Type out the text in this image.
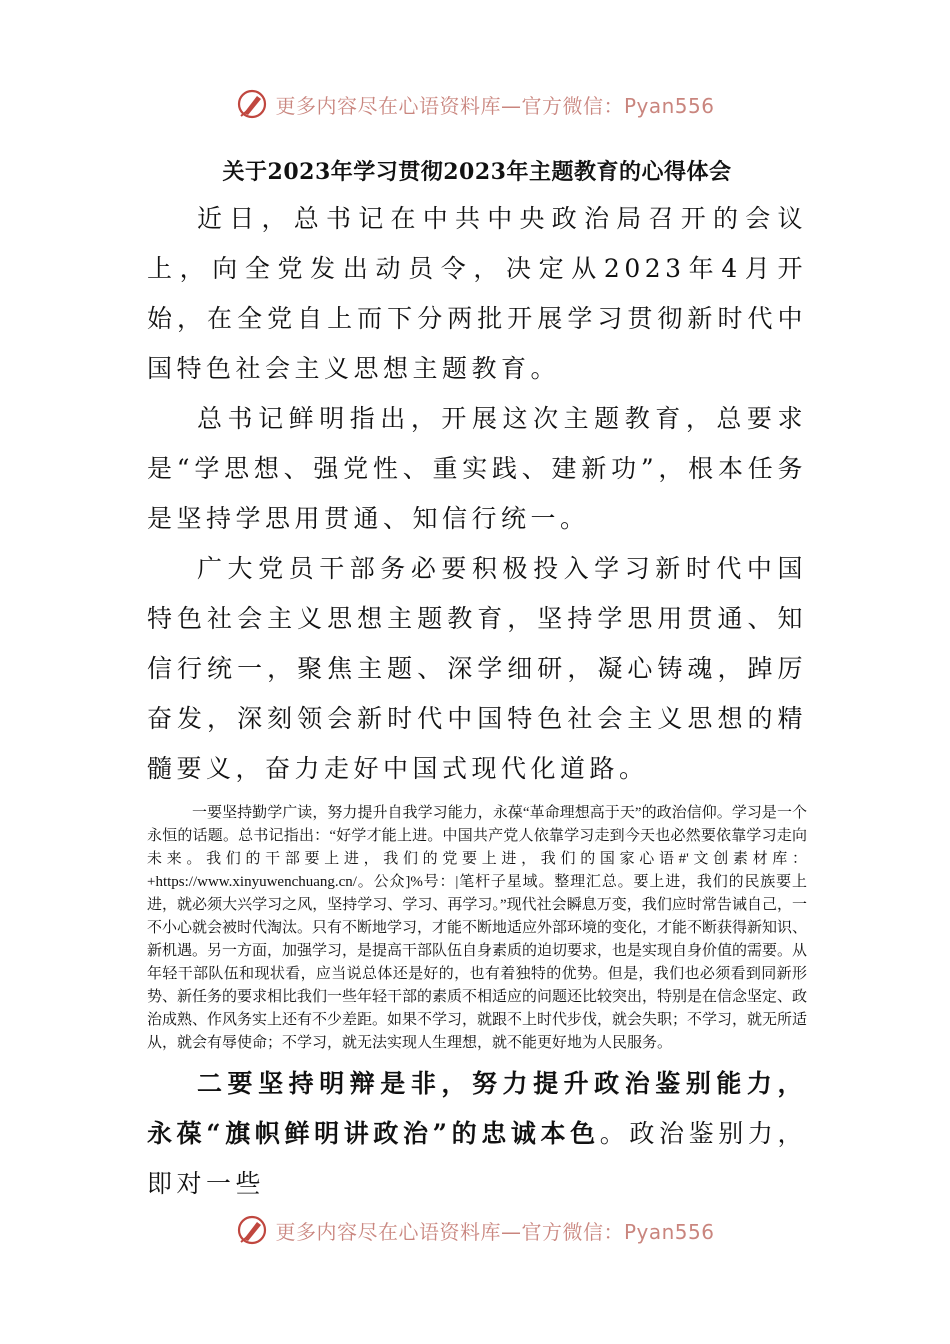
更多内容尽在心语资料库—官方微信：Pyan556
关于2023年学习贯彻2023年主题教育的心得体会

近日，总书记在中共中央政治局召开的会议上，向全党发出动员令，决定从2023年4月开始，在全党自上而下分两批开展学习贯彻新时代中国特色社会主义思想主题教育。

总书记鲜明指出，开展这次主题教育，总要求是“学思想、强党性、重实践、建新功”，根本任务是坚持学思用贯通、知信行统一。

广大党员干部务必要积极投入学习新时代中国特色社会主义思想主题教育，坚持学思用贯通、知信行统一，聚焦主题、深学细研，凝心铸魂，踔厉奋发，深刻领会新时代中国特色社会主义思想的精髓要义，奋力走好中国式现代化道路。

一要坚持勤学广读，努力提升自我学习能力，永葆“革命理想高于天”的政治信仰。学习是一个永恒的话题。总书记指出：“好学才能上进。中国共产党人依靠学习走到今天也必然要依靠学习走向未来。我们的干部要上进，我们的党要上进，我们的国家心语#'文创素材库：+https://www.xinyuwenchuang.cn/。公众]%号：|笔杆子星域。整理汇总。要上进，我们的民族要上进，就必须大兴学习之风，坚持学习、学习、再学习。”现代社会瞬息万变，我们应时常告诫自己，一不小心就会被时代淘汰。只有不断地学习，才能不断地适应外部环境的变化，才能不断获得新知识、新机遇。另一方面，加强学习，是提高干部队伍自身素质的迫切要求，也是实现自身价值的需要。从年轻干部队伍和现状看，应当说总体还是好的，也有着独特的优势。但是，我们也必须看到同新形势、新任务的要求相比我们一些年轻干部的素质不相适应的问题还比较突出，特别是在信念坚定、政治成熟、作风务实上还有不少差距。如果不学习，就跟不上时代步伐，就会失职；不学习，就无所适从，就会有辱使命；不学习，就无法实现人生理想，就不能更好地为人民服务。

二要坚持明辩是非，努力提升政治鉴别能力，永葆“旗帜鲜明讲政治”的忠诚本色。政治鉴别力，即对一些

更多内容尽在心语资料库—官方微信：Pyan556
